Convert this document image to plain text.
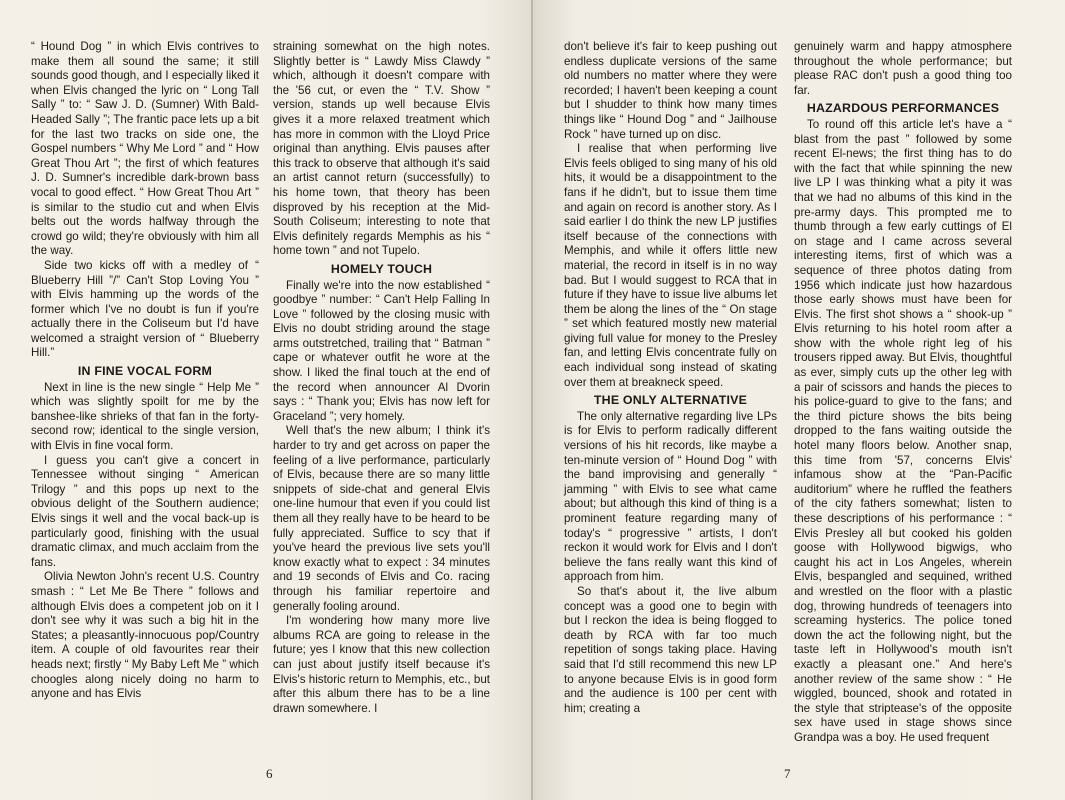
“ Hound Dog ” in which Elvis contrives to make them all sound the same; it still sounds good though, and I especially liked it when Elvis changed the lyric on “ Long Tall Sally ” to: “ Saw J. D. (Sumner) With Bald-Headed Sally ”; The frantic pace lets up a bit for the last two tracks on side one, the Gospel numbers “ Why Me Lord ” and “ How Great Thou Art ”; the first of which features J. D. Sumner's incredible dark-brown bass vocal to good effect. “ How Great Thou Art ” is similar to the studio cut and when Elvis belts out the words halfway through the crowd go wild; they're obviously with him all the way.

Side two kicks off with a medley of “ Blueberry Hill ”/” Can't Stop Loving You ” with Elvis hamming up the words of the former which I've no doubt is fun if you're actually there in the Coliseum but I'd have welcomed a straight version of “ Blueberry Hill.”

IN FINE VOCAL FORM

Next in line is the new single “ Help Me ” which was slightly spoilt for me by the banshee-like shrieks of that fan in the forty-second row; identical to the single version, with Elvis in fine vocal form.

I guess you can't give a concert in Tennessee without singing “ American Trilogy ” and this pops up next to the obvious delight of the Southern audience; Elvis sings it well and the vocal back-up is particularly good, finishing with the usual dramatic climax, and much acclaim from the fans.

Olivia Newton John's recent U.S. Country smash : “ Let Me Be There ” follows and although Elvis does a competent job on it I don't see why it was such a big hit in the States; a pleasantly-innocuous pop/Country item. A couple of old favourites rear their heads next; firstly “ My Baby Left Me ” which choogles along nicely doing no harm to anyone and has Elvis

straining somewhat on the high notes. Slightly better is “ Lawdy Miss Clawdy ” which, although it doesn't compare with the '56 cut, or even the “ T.V. Show ” version, stands up well because Elvis gives it a more relaxed treatment which has more in common with the Lloyd Price original than anything. Elvis pauses after this track to observe that although it's said an artist cannot return (successfully) to his home town, that theory has been disproved by his reception at the Mid-South Coliseum; interesting to note that Elvis definitely regards Memphis as his “ home town ” and not Tupelo.

HOMELY TOUCH

Finally we're into the now established “ goodbye ” number: “ Can't Help Falling In Love ” followed by the closing music with Elvis no doubt striding around the stage arms outstretched, trailing that “ Batman ” cape or whatever outfit he wore at the show. I liked the final touch at the end of the record when announcer Al Dvorin says : “ Thank you; Elvis has now left for Graceland ”; very homely.

Well that's the new album; I think it's harder to try and get across on paper the feeling of a live performance, particularly of Elvis, because there are so many little snippets of side-chat and general Elvis one-line humour that even if you could list them all they really have to be heard to be fully appreciated. Suffice to scy that if you've heard the previous live sets you'll know exactly what to expect : 34 minutes and 19 seconds of Elvis and Co. racing through his familiar repertoire and generally fooling around.

I'm wondering how many more live albums RCA are going to release in the future; yes I know that this new collection can just about justify itself because it's Elvis's historic return to Memphis, etc., but after this album there has to be a line drawn somewhere. I

6	7

don't believe it's fair to keep pushing out endless duplicate versions of the same old numbers no matter where they were recorded; I haven't been keeping a count but I shudder to think how many times things like “ Hound Dog ” and “ Jailhouse Rock ” have turned up on disc.

I realise that when performing live Elvis feels obliged to sing many of his old hits, it would be a disappointment to the fans if he didn't, but to issue them time and again on record is another story. As I said earlier I do think the new LP justifies itself because of the connections with Memphis, and while it offers little new material, the record in itself is in no way bad. But I would suggest to RCA that in future if they have to issue live albums let them be along the lines of the “ On stage ” set which featured mostly new material giving full value for money to the Presley fan, and letting Elvis concentrate fully on each individual song instead of skating over them at breakneck speed.

THE ONLY ALTERNATIVE

The only alternative regarding live LPs is for Elvis to perform radically different versions of his hit records, like maybe a ten-minute version of “ Hound Dog ” with the band improvising and generally “ jamming ” with Elvis to see what came about; but although this kind of thing is a prominent feature regarding many of today's “ progressive ” artists, I don't reckon it would work for Elvis and I don't believe the fans really want this kind of approach from him.

So that's about it, the live album concept was a good one to begin with but I reckon the idea is being flogged to death by RCA with far too much repetition of songs taking place. Having said that I'd still recommend this new LP to anyone because Elvis is in good form and the audience is 100 per cent with him; creating a

genuinely warm and happy atmosphere throughout the whole performance; but please RAC don't push a good thing too far.

HAZARDOUS PERFORMANCES

To round off this article let's have a “ blast from the past ” followed by some recent El-news; the first thing has to do with the fact that while spinning the new live LP I was thinking what a pity it was that we had no albums of this kind in the pre-army days. This prompted me to thumb through a few early cuttings of El on stage and I came across several interesting items, first of which was a sequence of three photos dating from 1956 which indicate just how hazardous those early shows must have been for Elvis. The first shot shows a “ shook-up ” Elvis returning to his hotel room after a show with the whole right leg of his trousers ripped away. But Elvis, thoughtful as ever, simply cuts up the other leg with a pair of scissors and hands the pieces to his police-guard to give to the fans; and the third picture shows the bits being dropped to the fans waiting outside the hotel many floors below. Another snap, this time from '57, concerns Elvis' infamous show at the “Pan-Pacific auditorium” where he ruffled the feathers of the city fathers somewhat; listen to these descriptions of his performance : “ Elvis Presley all but cooked his golden goose with Hollywood bigwigs, who caught his act in Los Angeles, wherein Elvis, bespangled and sequined, writhed and wrestled on the floor with a plastic dog, throwing hundreds of teenagers into screaming hysterics. The police toned down the act the following night, but the taste left in Hollywood's mouth isn't exactly a pleasant one.” And here's another review of the same show : “ He wiggled, bounced, shook and rotated in the style that striptease's of the opposite sex have used in stage shows since Grandpa was a boy. He used frequent
